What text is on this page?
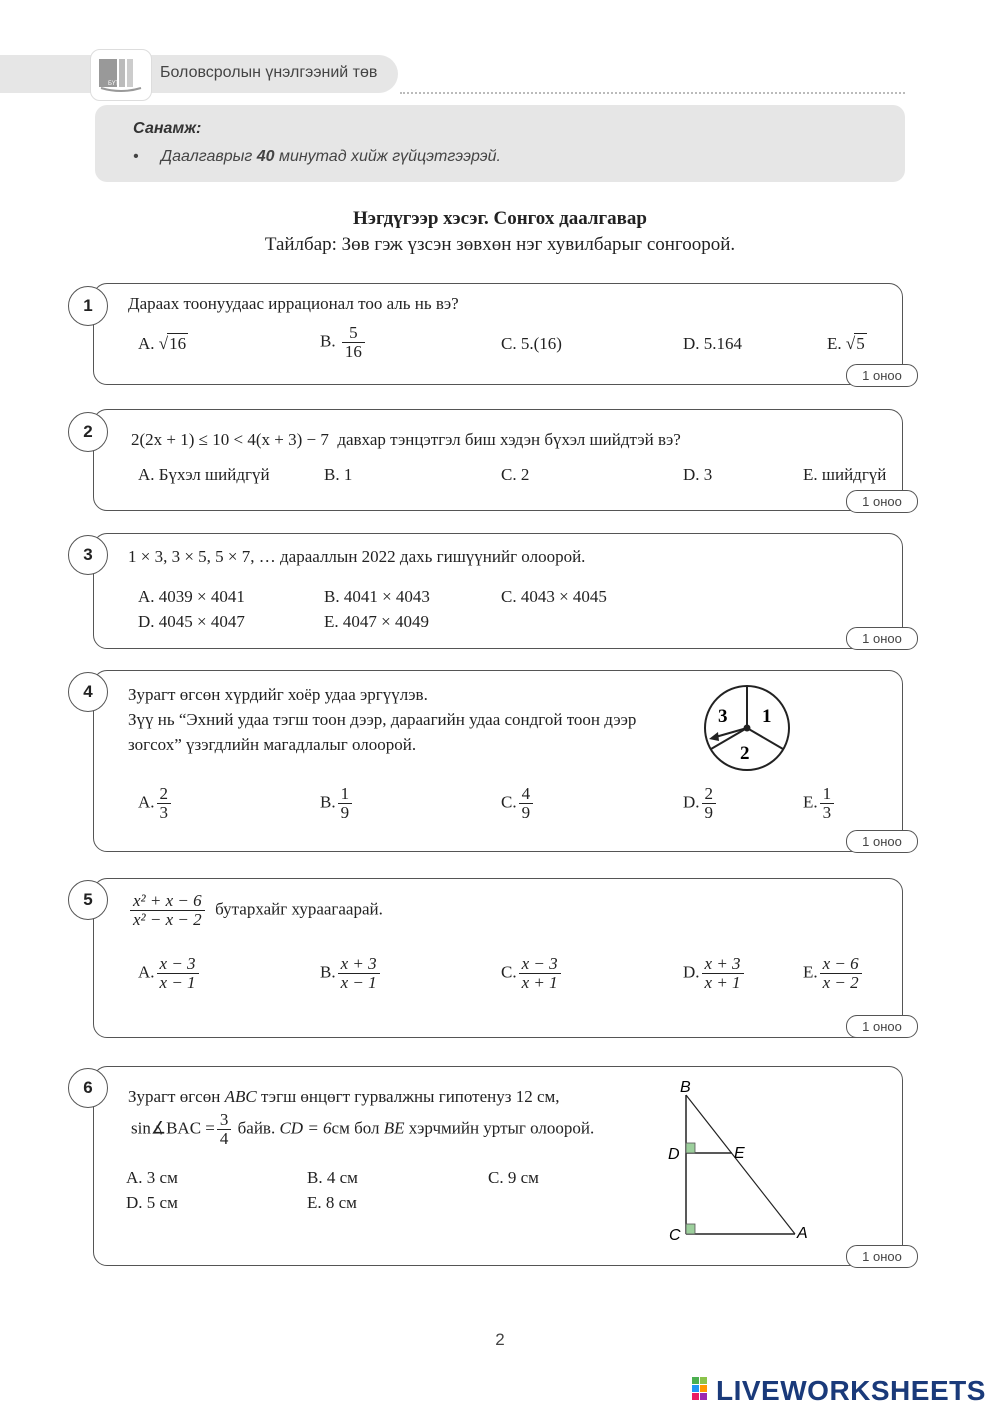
БҮТ
Боловсролын үнэлгээний төв
Санамж:
• Даалгаврыг 40 минутад хийж гүйцэтгээрэй.
Нэгдүгээр хэсэг. Сонгох даалгавар
Тайлбар: Зөв гэж үзсэн зөвхөн нэг хувилбарыг сонгоорой.
1	Дараах тоонуудаас иррационал тоо аль нь вэ?
A. √16	B. $\frac{5}{16}$	C. 5.(16)	D. 5.164	E. √5
1 оноо
2	2(2x + 1) ≤ 10 < 4(x + 3) − 7 давхар тэнцэтгэл биш хэдэн бүхэл шийдтэй вэ?
A. Бүхэл шийдгүй	B. 1	C. 2	D. 3	E. шийдгүй
1 оноо
3	1 × 3, 3 × 5, 5 × 7, … дарааллын 2022 дахь гишүүнийг олоорой.
A. 4039 × 4041	B. 4041 × 4043	C. 4043 × 4045
D. 4045 × 4047	E. 4047 × 4049
1 оноо
4	Зурагт өгсөн хүрдийг хоёр удаа эргүүлэв.
Зүү нь “Эхний удаа тэгш тоон дээр, дараагийн удаа сондгой тоон дээр
зогсох” үзэгдлийн магадлалыг олоорой.
3 1
2
A. $\frac{2}{3}$	B. $\frac{1}{9}$	C. $\frac{4}{9}$	D. $\frac{2}{9}$	E. $\frac{1}{3}$
1 оноо
5	$\frac{\text{x² + x − 6}}{\text{x² − x − 2}}$ бутархайг хураагаарай.
A. $\frac{x - 3}{x - 1}$	B. $\frac{x + 3}{x - 1}$	C. $\frac{x - 3}{x + 1}$	D. $\frac{x + 3}{x + 1}$	E. $\frac{x - 6}{x - 2}$
1 оноо
6	Зурагт өгсөн ABC тэгш өнцөгт гурвалжны гипотенуз 12 см,
sin∡BAC = $\frac{3}{4}$ байв. CD = 6см бол BE хэрчмийн уртыг олоорой.
A. 3 см	B. 4 см	C. 9 см
D. 5 см	E. 8 см
B
D	E
C	A
1 оноо
2
LIVEWORKSHEETS
